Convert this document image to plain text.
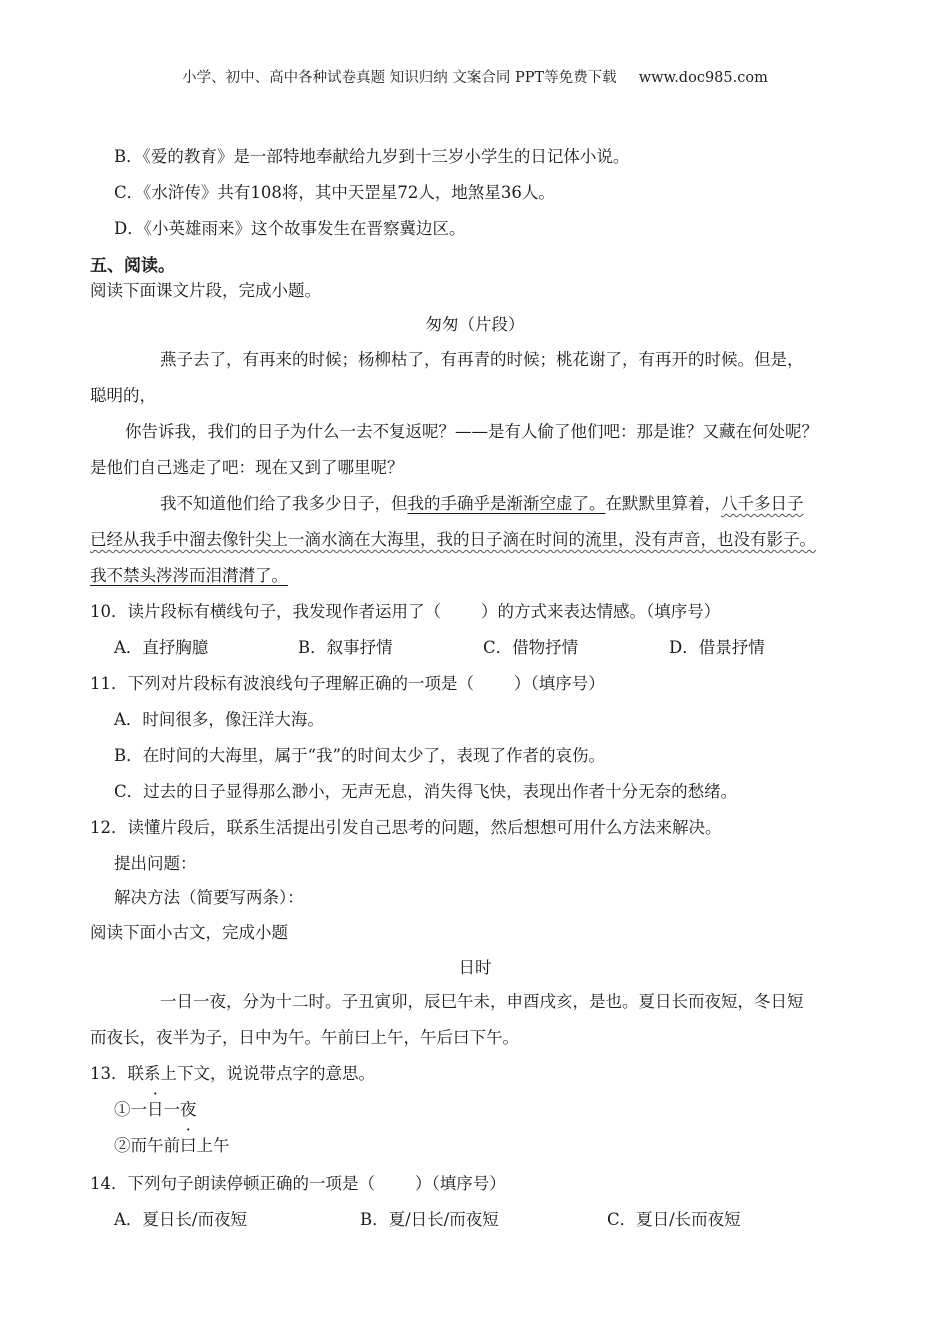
小学、初中、高中各种试卷真题 知识归纳 文案合同 PPT等免费下载 www.doc985.com
B．《爱的教育》是一部特地奉献给九岁到十三岁小学生的日记体小说。
C．《水浒传》共有108将，其中天罡星72人，地煞星36人。
D．《小英雄雨来》这个故事发生在晋察冀边区。
五、阅读。
阅读下面课文片段，完成小题。
匆匆（片段）
燕子去了，有再来的时候；杨柳枯了，有再青的时候；桃花谢了，有再开的时候。但是，
聪明的，
你告诉我，我们的日子为什么一去不复返呢？——是有人偷了他们吧：那是谁？又藏在何处呢？
是他们自己逃走了吧：现在又到了哪里呢？
我不知道他们给了我多少日子，但我的手确乎是渐渐空虚了。在默默里算着，八千多日子
已经从我手中溜去像针尖上一滴水滴在大海里，我的日子滴在时间的流里，没有声音，也没有影子。
我不禁头涔涔而泪潸潸了。
10．读片段标有横线句子，我发现作者运用了（ ）的方式来表达情感。（填序号）
A．直抒胸臆	B．叙事抒情	C．借物抒情	D．借景抒情
11．下列对片段标有波浪线句子理解正确的一项是（ ）（填序号）
A．时间很多，像汪洋大海。
B．在时间的大海里，属于“我”的时间太少了，表现了作者的哀伤。
C．过去的日子显得那么渺小，无声无息，消失得飞快，表现出作者十分无奈的愁绪。
12．读懂片段后，联系生活提出引发自己思考的问题，然后想想可用什么方法来解决。
提出问题：
解决方法（简要写两条）：
阅读下面小古文，完成小题
日时
一日一夜，分为十二时。子丑寅卯，辰巳午未，申酉戌亥，是也。夏日长而夜短，冬日短
而夜长，夜半为子，日中为午。午前曰上午，午后曰下午。
13．联系上下文，说说带点字的意思。
①一日一夜
②而午前曰上午
14．下列句子朗读停顿正确的一项是（ ）（填序号）
A．夏日长/而夜短	B．夏/日长/而夜短	C．夏日/长而夜短
